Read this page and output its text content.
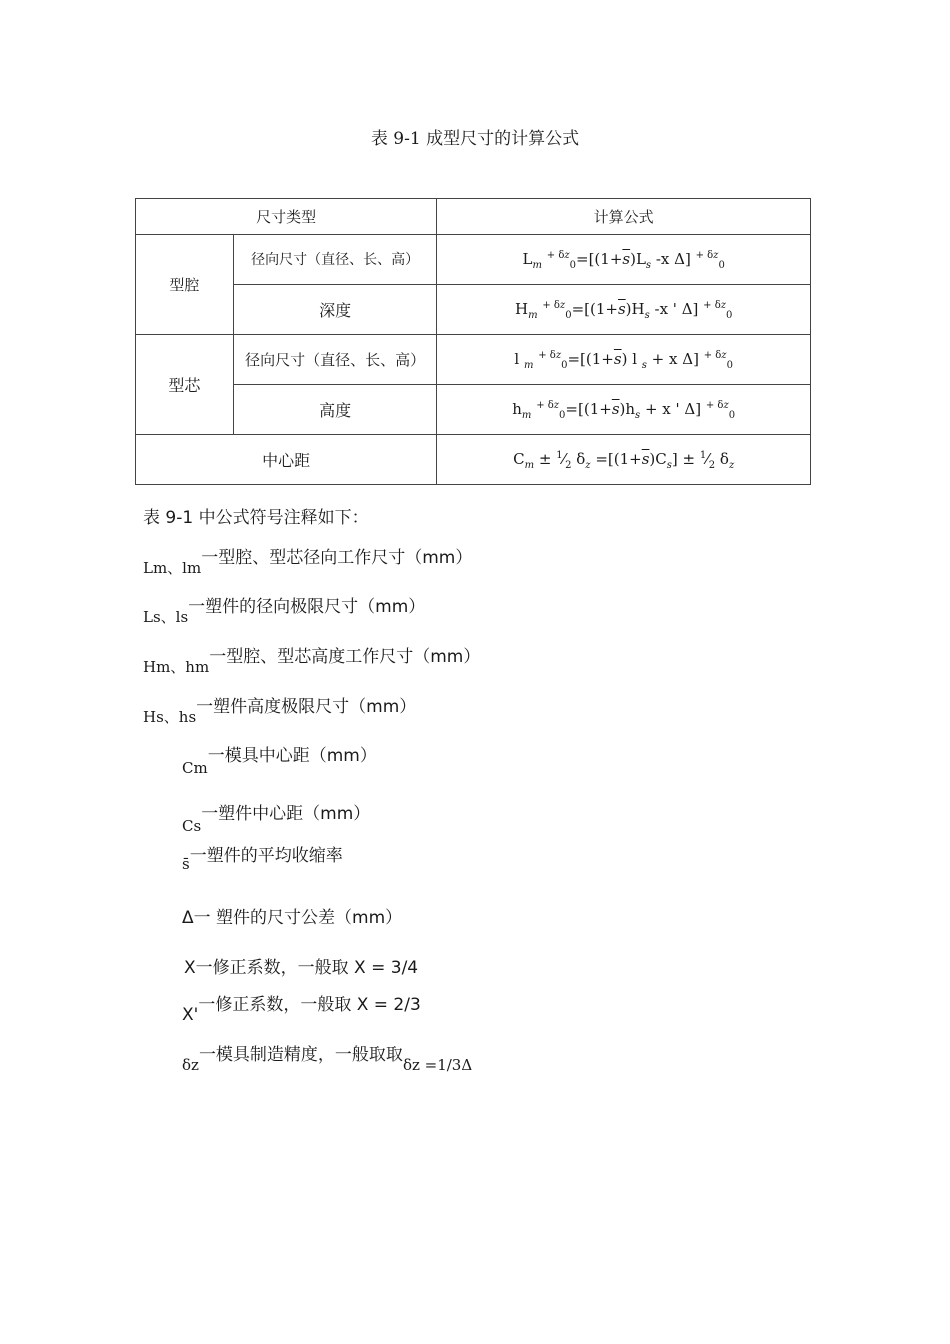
表 9-1 成型尺寸的计算公式
尺寸类型		计算公式
型腔	径向尺寸（直径、长、高）	$L_m$ $^{+ \delta z}_0=[(1+\overline{s})L_s$ -x Δ] $^{+ \delta z}_0$
	深度	$H_m$ $^{+ \delta z}_0=[(1+\overline{s})H_s$ -x ' Δ] $^{+ \delta z}_0$
型芯	径向尺寸（直径、长、高）	l $_m$ $^{+ \delta z}_0=[(1+\overline{s})$ l $_s$ + x Δ] $^{+ \delta z}_0$
	高度	$h_m$ $^{+ \delta z}_0=[(1+\overline{s})h_s + x$ ' Δ] $^{+ \delta z}_0$
中心距		$C_m$ ± $^1⁄_2$ $\delta_z =[(1+\overline{s})C_s]$ ± $^1⁄_2$ $\delta_z$
表 9-1 中公式符号注释如下：
Lm、lm一型腔、型芯径向工作尺寸（mm）
Ls、ls一塑件的径向极限尺寸（mm）
Hm、hm一型腔、型芯高度工作尺寸（mm）
Hs、hs一塑件高度极限尺寸（mm）
Cm一模具中心距（mm）
Cs一塑件中心距（mm）
s̄一塑件的平均收缩率
Δ一 塑件的尺寸公差（mm）
X一修正系数，一般取 X = 3/4
X'一修正系数，一般取 X = 2/3
δz一模具制造精度，一般取取δz =1/3Δ
